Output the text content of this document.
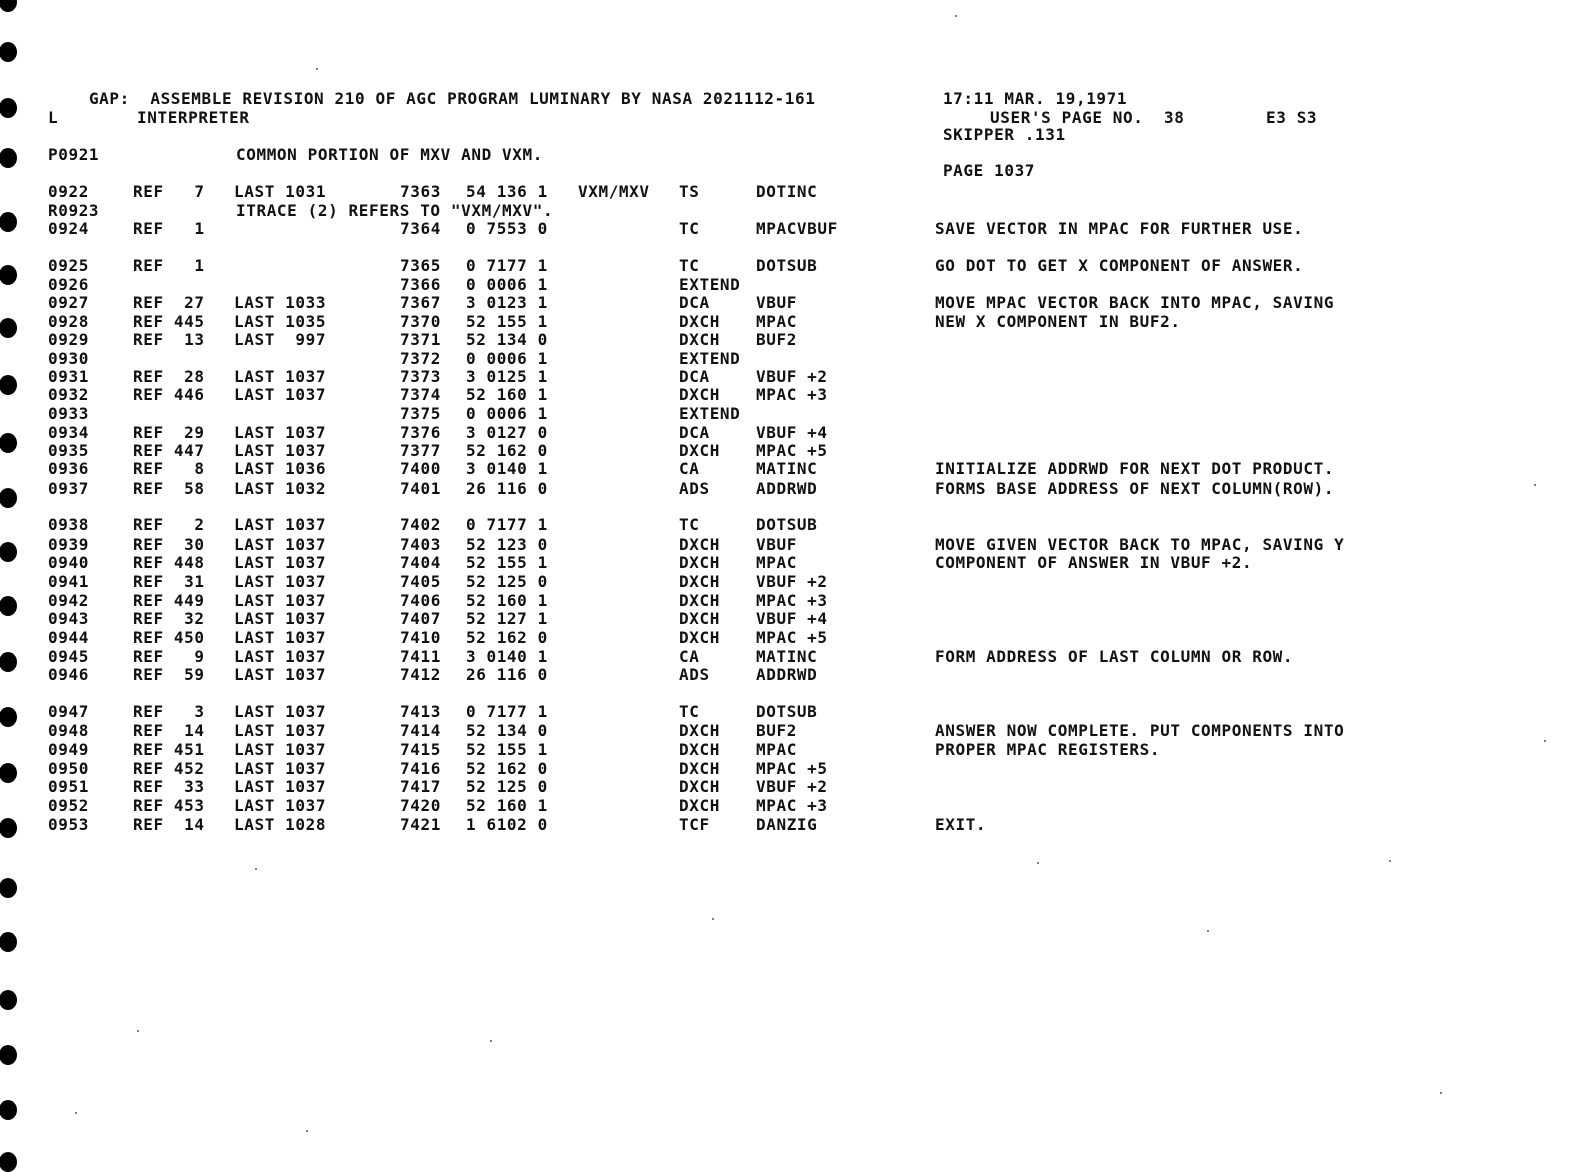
GAP:  ASSEMBLE REVISION 210 OF AGC PROGRAM LUMINARY BY NASA 2021112-161
	17:11 MAR. 19,1971

SKIPPER .131

PAGE 1037

L	INTERPRETER	USER'S PAGE NO.  38	E3 S3
P0921	COMMON PORTION OF MXV AND VXM.
0922	REF   7 LAST 1031	7363 54 136 1 VXM/MXV TS	DOTINC
R0923	ITRACE (2) REFERS TO "VXM/MXV".
0924	REF   1	7364 0 7553 0	TC	MPACVBUF	SAVE VECTOR IN MPAC FOR FURTHER USE.
0925	REF   1	7365 0 7177 1	TC	DOTSUB	GO DOT TO GET X COMPONENT OF ANSWER.
0926	7366 0 0006 1	EXTEND
0927	REF  27 LAST 1033	7367 3 0123 1	DCA	VBUF	MOVE MPAC VECTOR BACK INTO MPAC, SAVING
0928	REF 445 LAST 1035	7370 52 155 1	DXCH MPAC	NEW X COMPONENT IN BUF2.
0929	REF  13 LAST  997	7371 52 134 0	DXCH BUF2
0930	7372 0 0006 1	EXTEND
0931	REF  28 LAST 1037	7373 3 0125 1	DCA	VBUF +2
0932	REF 446 LAST 1037	7374 52 160 1	DXCH MPAC +3
0933	7375 0 0006 1	EXTEND
0934	REF  29 LAST 1037	7376 3 0127 0	DCA	VBUF +4
0935	REF 447 LAST 1037	7377 52 162 0	DXCH MPAC +5
0936	REF   8 LAST 1036	7400 3 0140 1	CA	MATINC	INITIALIZE ADDRWD FOR NEXT DOT PRODUCT.
0937	REF  58 LAST 1032	7401 26 116 0	ADS	ADDRWD	FORMS BASE ADDRESS OF NEXT COLUMN(ROW).
0938	REF   2 LAST 1037	7402 0 7177 1	TC	DOTSUB
0939	REF  30 LAST 1037	7403 52 123 0	DXCH VBUF	MOVE GIVEN VECTOR BACK TO MPAC, SAVING Y
0940	REF 448 LAST 1037	7404 52 155 1	DXCH MPAC	COMPONENT OF ANSWER IN VBUF +2.
0941	REF  31 LAST 1037	7405 52 125 0	DXCH VBUF +2
0942	REF 449 LAST 1037	7406 52 160 1	DXCH MPAC +3
0943	REF  32 LAST 1037	7407 52 127 1	DXCH VBUF +4
0944	REF 450 LAST 1037	7410 52 162 0	DXCH MPAC +5
0945	REF   9 LAST 1037	7411 3 0140 1	CA	MATINC	FORM ADDRESS OF LAST COLUMN OR ROW.
0946	REF  59 LAST 1037	7412 26 116 0	ADS	ADDRWD
0947	REF   3 LAST 1037	7413 0 7177 1	TC	DOTSUB
0948	REF  14 LAST 1037	7414 52 134 0	DXCH BUF2	ANSWER NOW COMPLETE. PUT COMPONENTS INTO
0949	REF 451 LAST 1037	7415 52 155 1	DXCH MPAC	PROPER MPAC REGISTERS.
0950	REF 452 LAST 1037	7416 52 162 0	DXCH MPAC +5
0951	REF  33 LAST 1037	7417 52 125 0	DXCH VBUF +2
0952	REF 453 LAST 1037	7420 52 160 1	DXCH MPAC +3
0953	REF  14 LAST 1028	7421 1 6102 0	TCF	DANZIG	EXIT.
